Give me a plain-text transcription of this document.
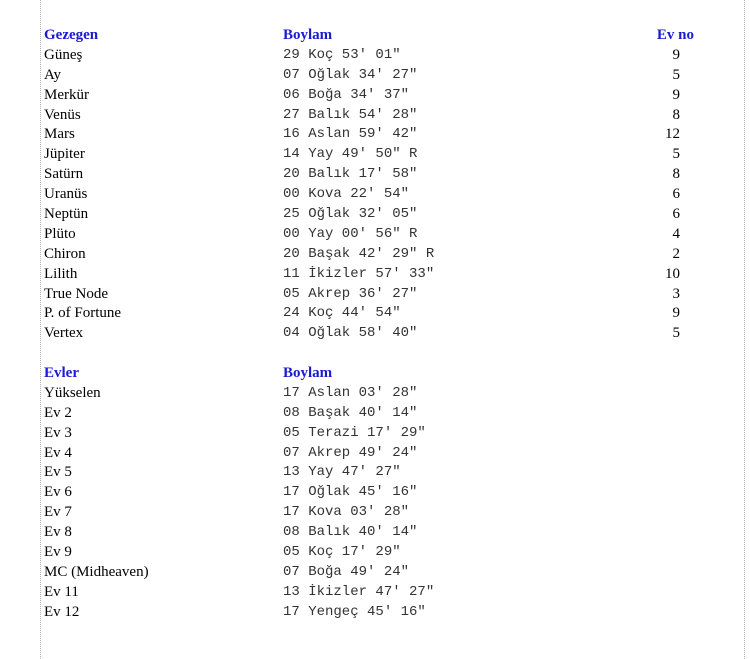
Gezegen	Boylam	Ev no
Güneş	29 Koç 53' 01"	9
Ay	07 Oğlak 34' 27"	5
Merkür	06 Boğa 34' 37"	9
Venüs	27 Balık 54' 28"	8
Mars	16 Aslan 59' 42"	12
Jüpiter	14 Yay 49' 50" R	5
Satürn	20 Balık 17' 58"	8
Uranüs	00 Kova 22' 54"	6
Neptün	25 Oğlak 32' 05"	6
Plüto	00 Yay 00' 56" R	4
Chiron	20 Başak 42' 29" R	2
Lilith	11 İkizler 57' 33"	10
True Node	05 Akrep 36' 27"	3
P. of Fortune	24 Koç 44' 54"	9
Vertex	04 Oğlak 58' 40"	5
Evler	Boylam
Yükselen	17 Aslan 03' 28"
Ev 2	08 Başak 40' 14"
Ev 3	05 Terazi 17' 29"
Ev 4	07 Akrep 49' 24"
Ev 5	13 Yay 47' 27"
Ev 6	17 Oğlak 45' 16"
Ev 7	17 Kova 03' 28"
Ev 8	08 Balık 40' 14"
Ev 9	05 Koç 17' 29"
MC (Midheaven)	07 Boğa 49' 24"
Ev 11	13 İkizler 47' 27"
Ev 12	17 Yengeç 45' 16"
